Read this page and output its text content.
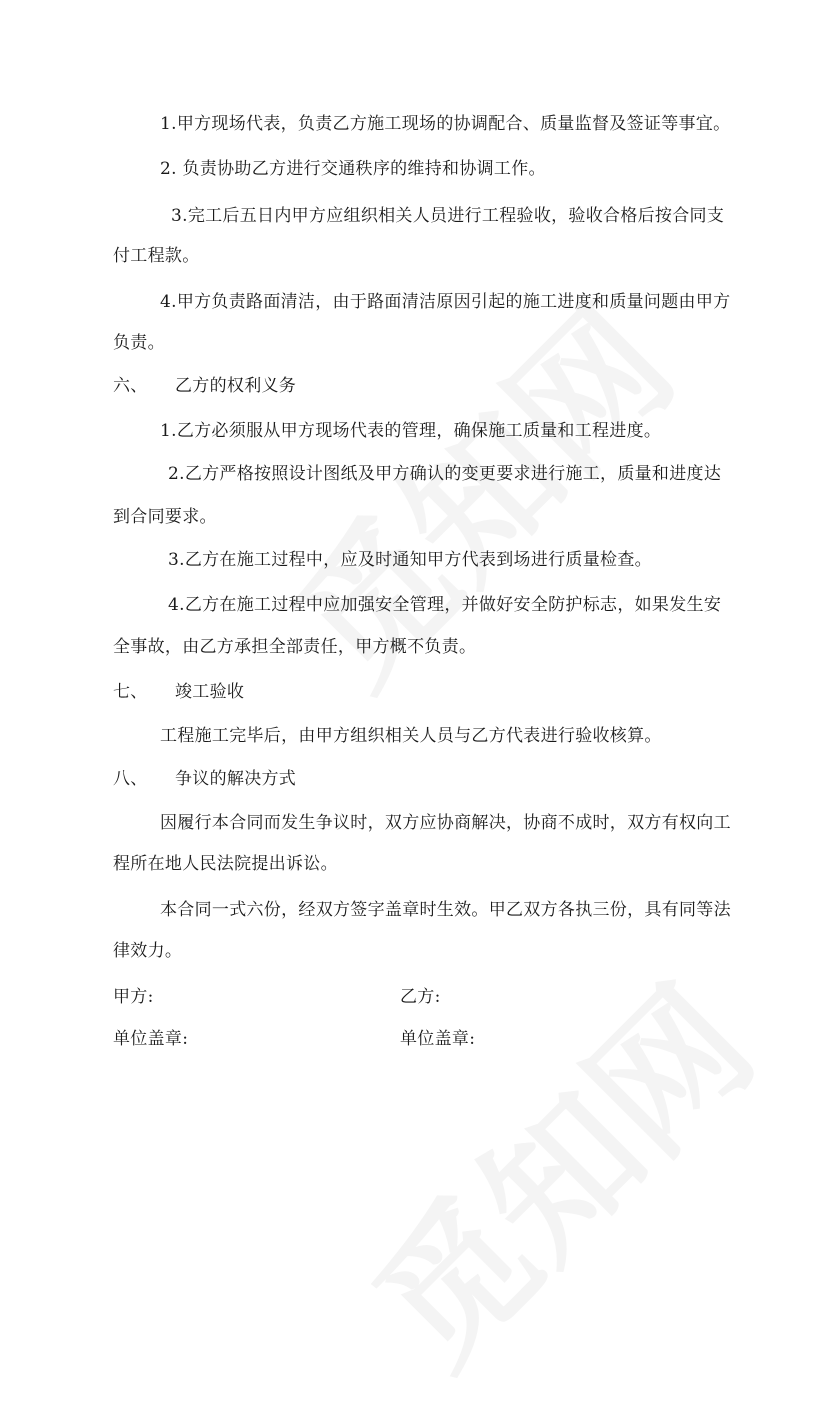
1.甲方现场代表，负责乙方施工现场的协调配合、质量监督及签证等事宜。
2. 负责协助乙方进行交通秩序的维持和协调工作。
3.完工后五日内甲方应组织相关人员进行工程验收，验收合格后按合同支
付工程款。
4.甲方负责路面清洁，由于路面清洁原因引起的施工进度和质量问题由甲方
负责。
六、 乙方的权利义务
1.乙方必须服从甲方现场代表的管理，确保施工质量和工程进度。
2.乙方严格按照设计图纸及甲方确认的变更要求进行施工，质量和进度达
到合同要求。
3.乙方在施工过程中，应及时通知甲方代表到场进行质量检查。
4.乙方在施工过程中应加强安全管理，并做好安全防护标志，如果发生安
全事故，由乙方承担全部责任，甲方概不负责。
七、 竣工验收
工程施工完毕后，由甲方组织相关人员与乙方代表进行验收核算。
八、 争议的解决方式
因履行本合同而发生争议时，双方应协商解决，协商不成时，双方有权向工
程所在地人民法院提出诉讼。
本合同一式六份，经双方签字盖章时生效。甲乙双方各执三份，具有同等法
律效力。
甲方:	乙方:
单位盖章:	单位盖章:
